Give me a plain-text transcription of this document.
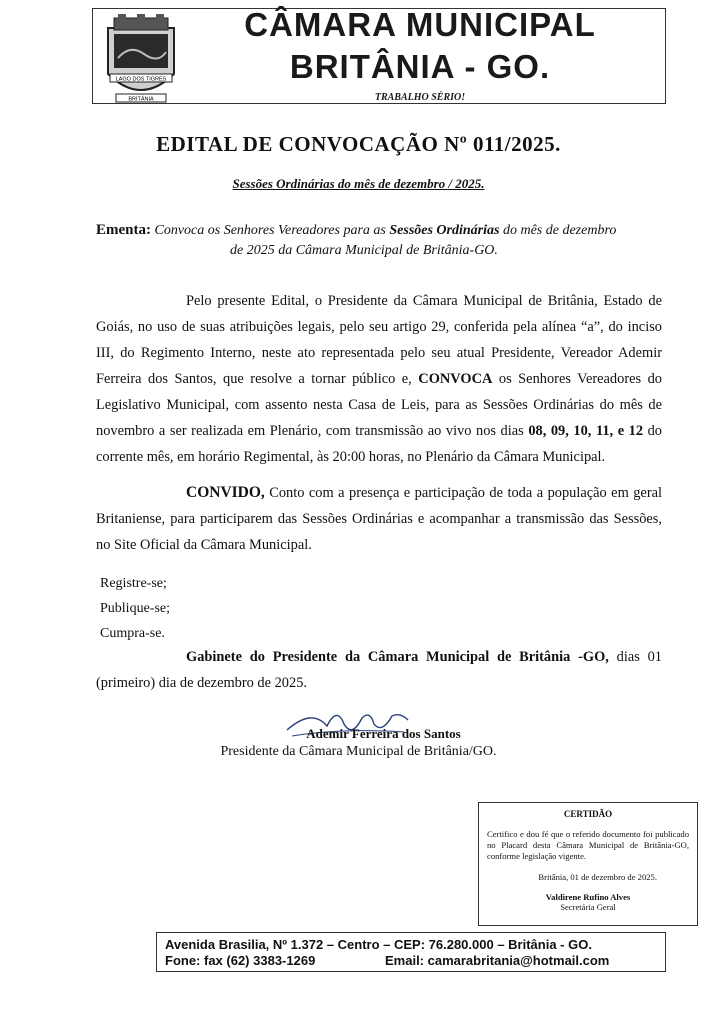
LAGO DOS TIGRES
BRITÂNIA
CÂMARA MUNICIPAL
BRITÂNIA - GO.
TRABALHO SÉRIO!
EDITAL DE CONVOCAÇÃO Nº 011/2025.
Sessões Ordinárias do mês de dezembro / 2025.
Ementa: Convoca os Senhores Vereadores para as Sessões Ordinárias do mês de dezembro
de 2025 da Câmara Municipal de Britânia-GO.
Pelo presente Edital, o Presidente da Câmara Municipal de Britânia, Estado de Goiás, no uso de suas atribuições legais, pelo seu artigo 29, conferida pela alínea “a”, do inciso III, do Regimento Interno, neste ato representada pelo seu atual Presidente, Vereador Ademir Ferreira dos Santos, que resolve a tornar público e, CONVOCA os Senhores Vereadores do Legislativo Municipal, com assento nesta Casa de Leis, para as Sessões Ordinárias do mês de novembro a ser realizada em Plenário, com transmissão ao vivo nos dias 08, 09, 10, 11, e 12 do corrente mês, em horário Regimental, às 20:00 horas, no Plenário da Câmara Municipal.
CONVIDO, Conto com a presença e participação de toda a população em geral Britaniense, para participarem das Sessões Ordinárias e acompanhar a transmissão das Sessões, no Site Oficial da Câmara Municipal.
Registre-se;
Publique-se;
Cumpra-se.
Gabinete do Presidente da Câmara Municipal de Britânia -GO, dias 01 (primeiro) dia de dezembro de 2025.
Ademir Ferreira dos Santos
Presidente da Câmara Municipal de Britânia/GO.
CERTIDÃO
Certifico e dou fé que o referido documento foi publicado no Placard desta Câmara Municipal de Britânia-GO, conforme legislação vigente.
Britânia, 01 de dezembro de 2025.
Valdirene Rufino Alves
Secretária Geral
Avenida Brasilia, Nº 1.372 – Centro – CEP: 76.280.000 – Britânia - GO.
Fone: fax (62) 3383-1269	Email: camarabritania@hotmail.com
